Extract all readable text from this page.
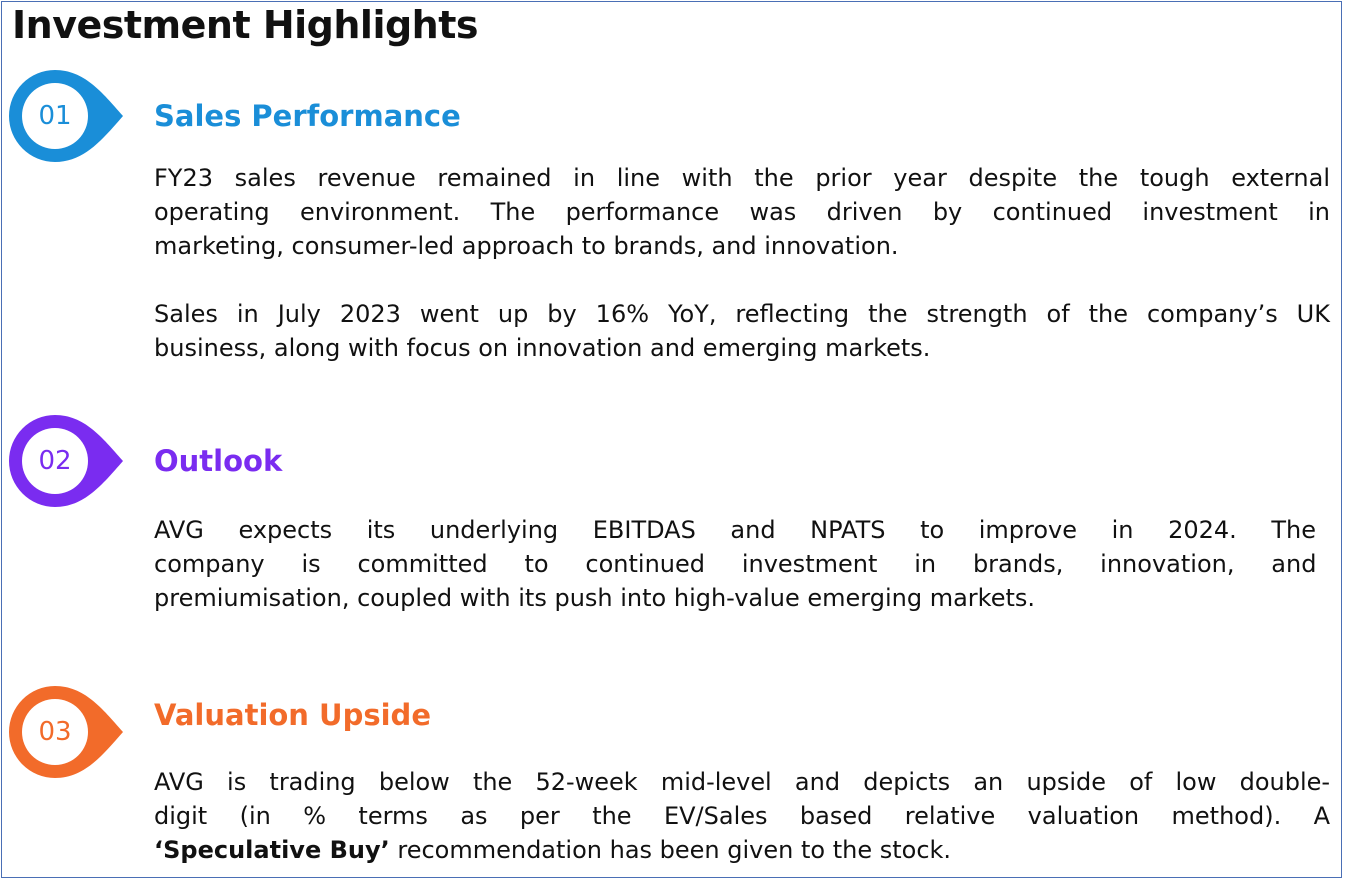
Investment Highlights
01	Sales Performance
FY23 sales revenue remained in line with the prior year despite the tough external
operating environment. The performance was driven by continued investment in
marketing, consumer-led approach to brands, and innovation.
Sales in July 2023 went up by 16% YoY, reflecting the strength of the company’s UK
business, along with focus on innovation and emerging markets.
02	Outlook
AVG expects its underlying EBITDAS and NPATS to improve in 2024. The
company is committed to continued investment in brands, innovation, and
premiumisation, coupled with its push into high-value emerging markets.
03	Valuation Upside
AVG is trading below the 52-week mid-level and depicts an upside of low double-
digit (in % terms as per the EV/Sales based relative valuation method). A
‘Speculative Buy’ recommendation has been given to the stock.
